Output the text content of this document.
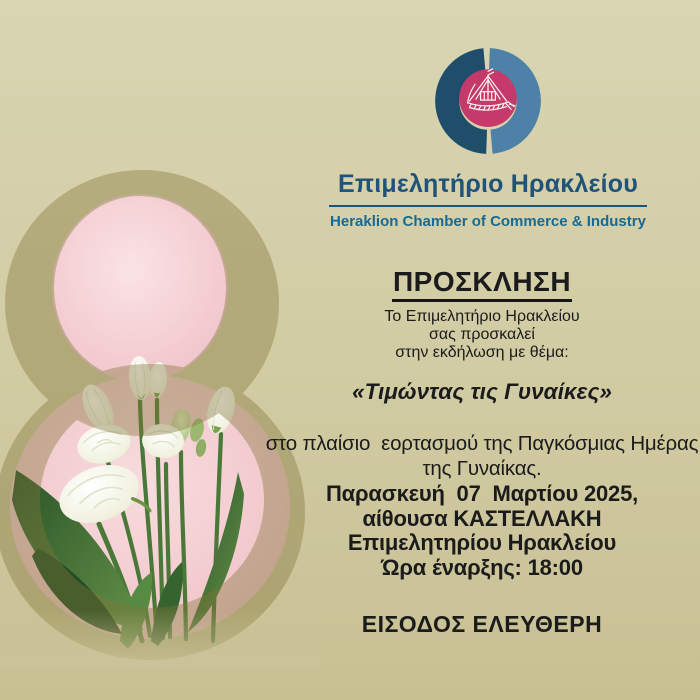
Επιμελητήριο Ηρακλείου
Heraklion Chamber of Commerce & Industry
ΠΡΟΣΚΛΗΣΗ
Το Επιμελητήριο Ηρακλείου
σας προσκαλεί
στην εκδήλωση με θέμα:
«Τιμώντας τις Γυναίκες»
στο πλαίσιο  εορτασμού της Παγκόσμιας Ημέρας
της Γυναίκας.
Παρασκευή  07  Μαρτίου 2025,
αίθουσα ΚΑΣΤΕΛΛΑΚΗ
Επιμελητηρίου Ηρακλείου
Ώρα έναρξης: 18:00
ΕΙΣΟΔΟΣ ΕΛΕΥΘΕΡΗ
